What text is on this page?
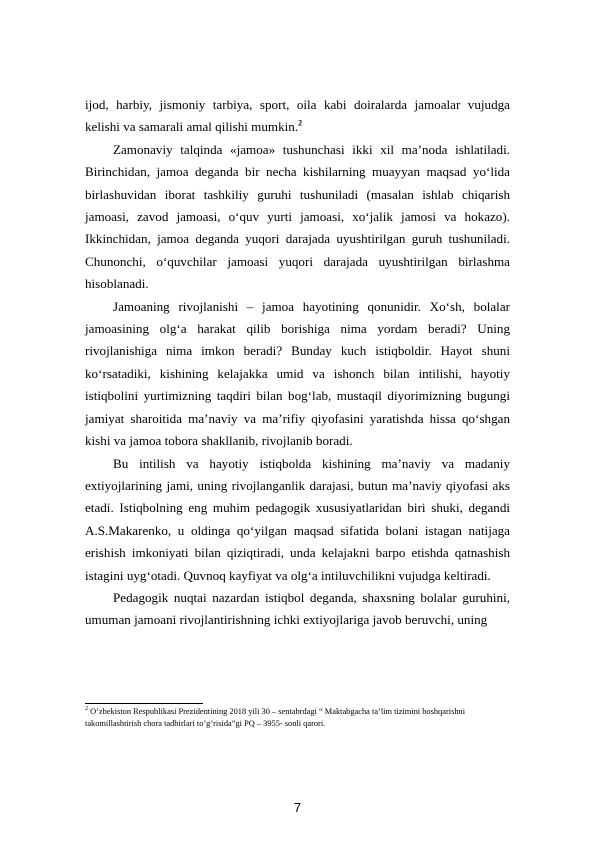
ijod, harbiy, jismoniy tarbiya, sport, oila kabi doiralarda jamoalar vujudga kelishi va samarali amal qilishi mumkin.$^2$

Zamonaviy talqinda «jamoa» tushunchasi ikki xil ma’noda ishlatiladi. Birinchidan, jamoa deganda bir necha kishilarning muayyan maqsad yo‘lida birlashuvidan iborat tashkiliy guruhi tushuniladi (masalan ishlab chiqarish jamoasi, zavod jamoasi, o‘quv yurti jamoasi, xo‘jalik jamosi va hokazo). Ikkinchidan, jamoa deganda yuqori darajada uyushtirilgan guruh tushuniladi. Chunonchi, o‘quvchilar jamoasi yuqori darajada uyushtirilgan birlashma hisoblanadi.

Jamoaning rivojlanishi – jamoa hayotining qonunidir. Xo‘sh, bolalar jamoasining olg‘a harakat qilib borishiga nima yordam beradi? Uning rivojlanishiga nima imkon beradi? Bunday kuch istiqboldir. Hayot shuni ko‘rsatadiki, kishining kelajakka umid va ishonch bilan intilishi, hayotiy istiqbolini yurtimizning taqdiri bilan bog‘lab, mustaqil diyorimizning bugungi jamiyat sharoitida ma’naviy va ma’rifiy qiyofasini yaratishda hissa qo‘shgan kishi va jamoa tobora shakllanib, rivojlanib boradi.

Bu intilish va hayotiy istiqbolda kishining ma’naviy va madaniy extiyojlarining jami, uning rivojlanganlik darajasi, butun ma’naviy qiyofasi aks etadi. Istiqbolning eng muhim pedagogik xususiyatlaridan biri shuki, degandi A.S.Makarenko, u oldinga qo‘yilgan maqsad sifatida bolani istagan natijaga erishish imkoniyati bilan qiziqtiradi, unda kelajakni barpo etishda qatnashish istagini uyg‘otadi. Quvnoq kayfiyat va olg‘a intiluvchilikni vujudga keltiradi.

Pedagogik nuqtai nazardan istiqbol deganda, shaxsning bolalar guruhini, umuman jamoani rivojlantirishning ichki extiyojlariga javob beruvchi, uning

$^2$ O’zbekiston Respublikasi Prezidentining 2018 yili 30 – sentabrdagi “ Maktabgacha ta’lim tizimini boshqarishni takomillashtirish chora tadbirlari to’g’risida”gi PQ – 3955- sonli qarori.
7
